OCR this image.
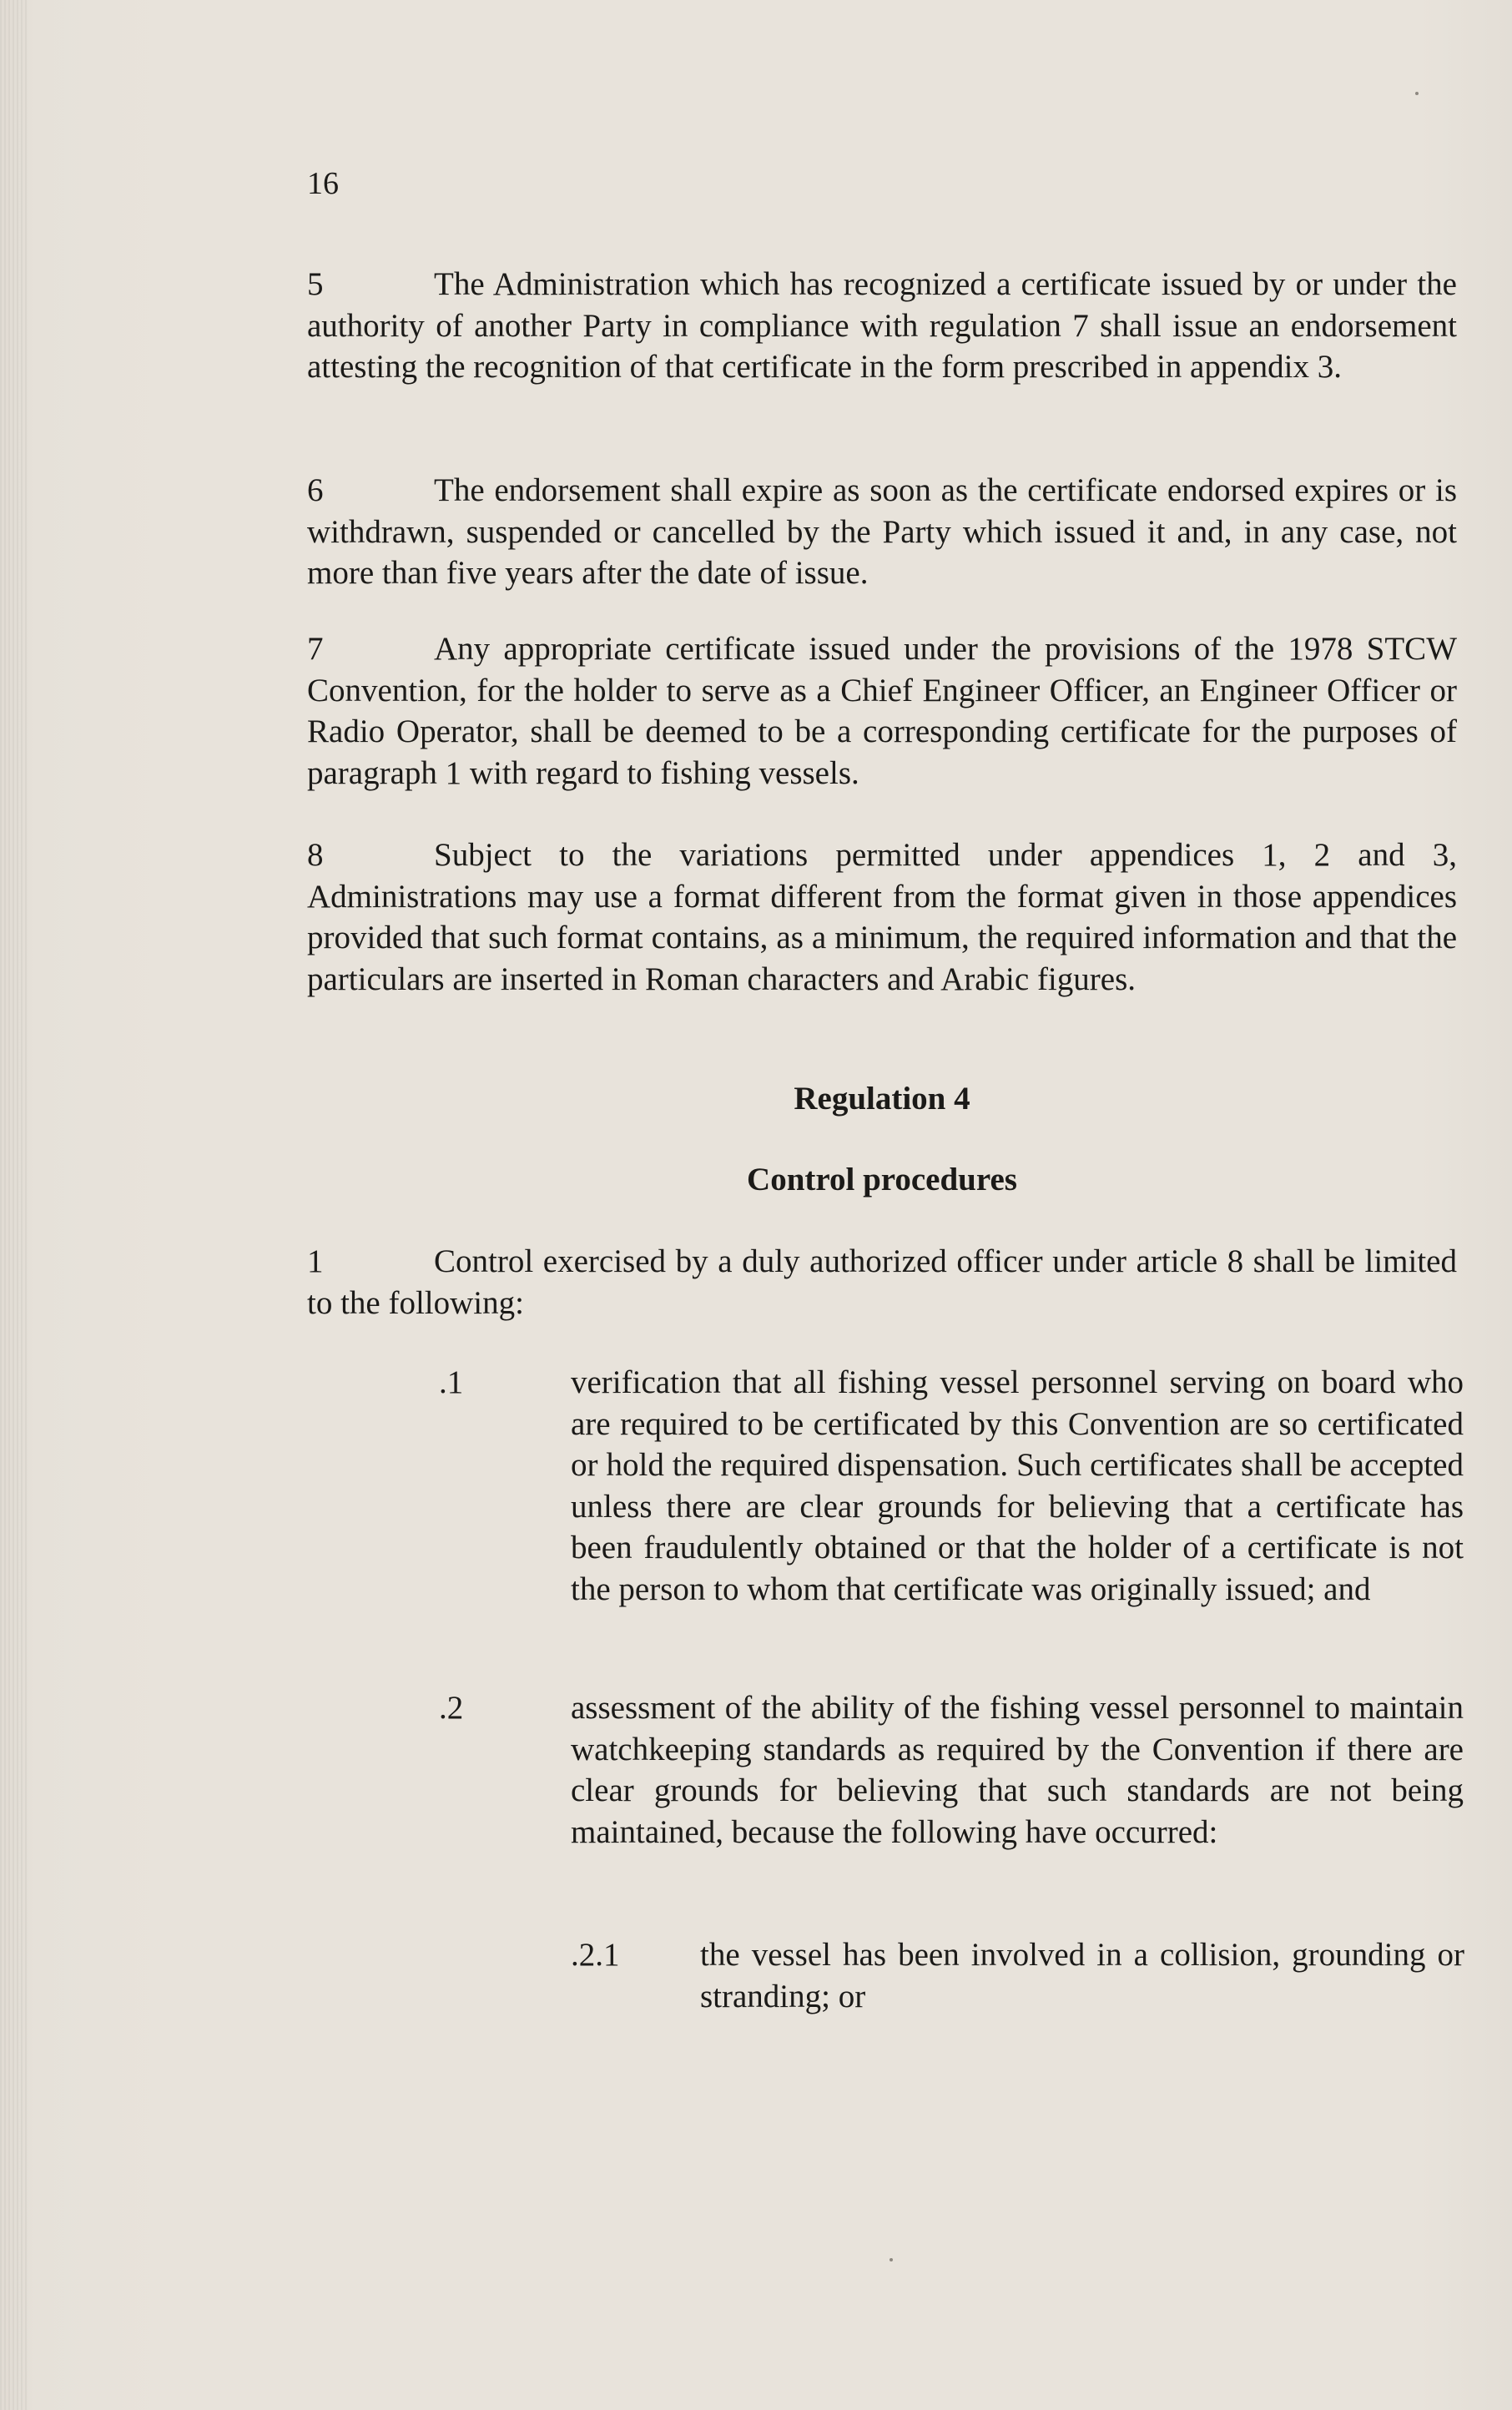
16
5	The Administration which has recognized a certificate issued by or under the authority of another Party in compliance with regulation 7 shall issue an endorsement attesting the recognition of that certificate in the form prescribed in appendix 3.
6	The endorsement shall expire as soon as the certificate endorsed expires or is withdrawn, suspended or cancelled by the Party which issued it and, in any case, not more than five years after the date of issue.
7	Any appropriate certificate issued under the provisions of the 1978 STCW Convention, for the holder to serve as a Chief Engineer Officer, an Engineer Officer or Radio Operator, shall be deemed to be a corresponding certificate for the purposes of paragraph 1 with regard to fishing vessels.
8	Subject to the variations permitted under appendices 1, 2 and 3, Administrations may use a format different from the format given in those appendices provided that such format contains, as a minimum, the required information and that the particulars are inserted in Roman characters and Arabic figures.
Regulation 4
Control procedures
1	Control exercised by a duly authorized officer under article 8 shall be limited to the following:
.1	verification that all fishing vessel personnel serving on board who are required to be certificated by this Convention are so certificated or hold the required dispensation. Such certificates shall be accepted unless there are clear grounds for believing that a certificate has been fraudulently obtained or that the holder of a certificate is not the person to whom that certificate was originally issued; and
.2	assessment of the ability of the fishing vessel personnel to maintain watchkeeping standards as required by the Convention if there are clear grounds for believing that such standards are not being maintained, because the following have occurred:
.2.1 the vessel has been involved in a collision, grounding or stranding; or
